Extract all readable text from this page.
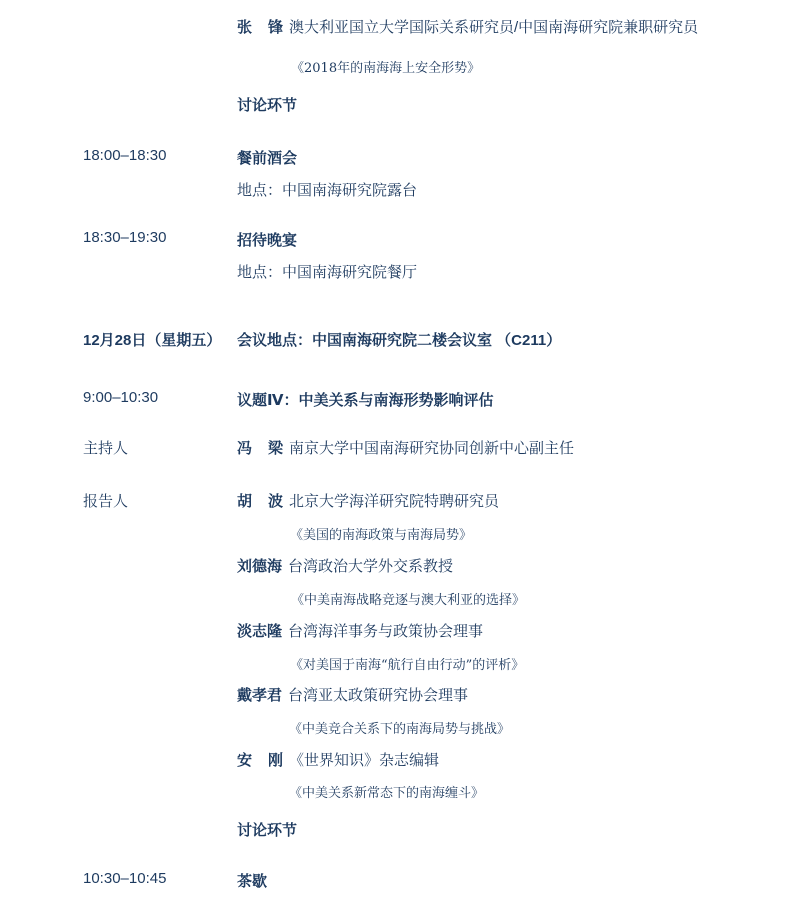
张　锋 澳大利亚国立大学国际关系研究员/中国南海研究院兼职研究员
《2018年的南海海上安全形势》
讨论环节
18:00–18:30	餐前酒会
地点：中国南海研究院露台
18:30–19:30	招待晚宴
地点：中国南海研究院餐厅
12月28日（星期五） 会议地点：中国南海研究院二楼会议室 （C211）
9:00–10:30	议题Ⅳ：中美关系与南海形势影响评估
主持人	冯　梁 南京大学中国南海研究协同创新中心副主任
报告人	胡　波 北京大学海洋研究院特聘研究员
《美国的南海政策与南海局势》
刘德海 台湾政治大学外交系教授
《中美南海战略竞逐与澳大利亚的选择》
淡志隆 台湾海洋事务与政策协会理事
《对美国于南海“航行自由行动”的评析》
戴孝君 台湾亚太政策研究协会理事
《中美竞合关系下的南海局势与挑战》
安　刚 《世界知识》杂志编辑
《中美关系新常态下的南海缠斗》
讨论环节
10:30–10:45	茶歇
